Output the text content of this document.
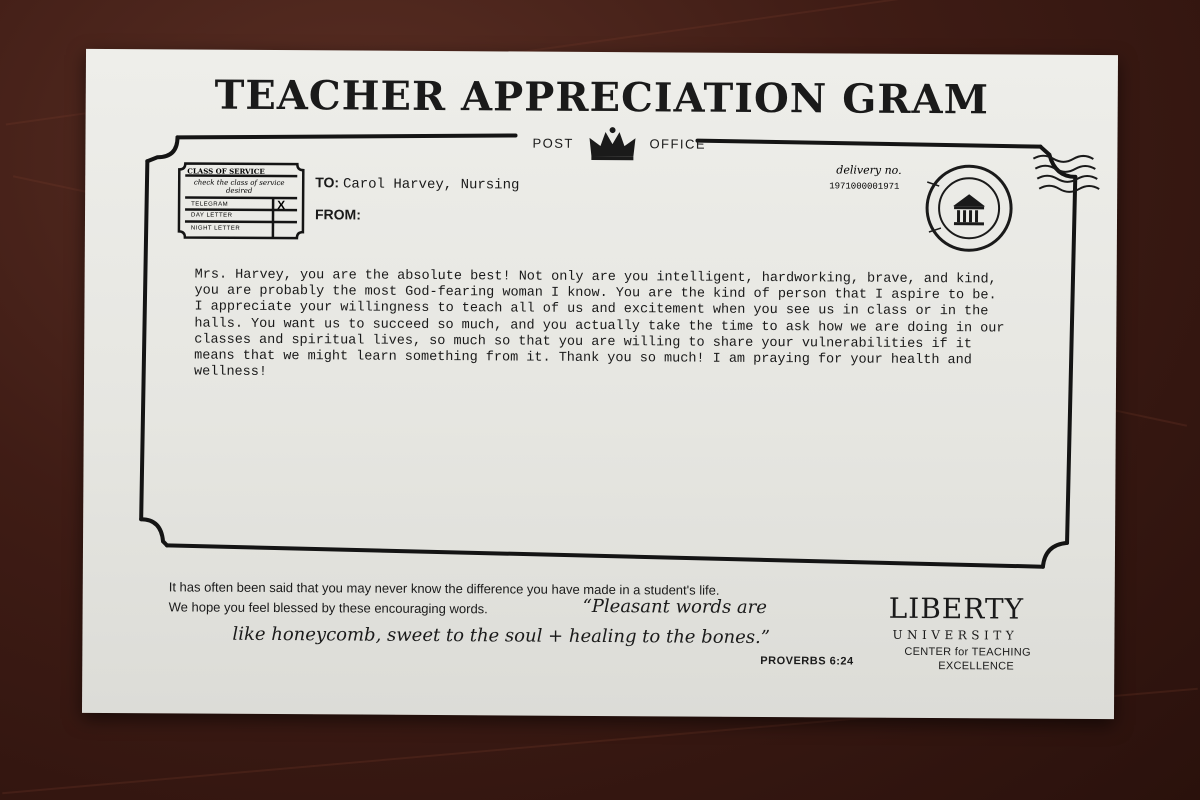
TEACHER APPRECIATION GRAM
POST	OFFICE
CLASS OF SERVICE
check the class of service desired
TELEGRAM
DAY LETTER
NIGHT LETTER
X
TO: Carol Harvey, Nursing
FROM:
delivery no.
1971000001971
Mrs. Harvey, you are the absolute best! Not only are you intelligent, hardworking, brave, and kind, you are probably the most God-fearing woman I know. You are the kind of person that I aspire to be. I appreciate your willingness to teach all of us and excitement when you see us in class or in the halls. You want us to succeed so much, and you actually take the time to ask how we are doing in our classes and spiritual lives, so much so that you are willing to share your vulnerabilities if it means that we might learn something from it. Thank you so much! I am praying for your health and wellness!
It has often been said that you may never know the difference you have made in a student's life.
We hope you feel blessed by these encouraging words.	“Pleasant words are
like honeycomb, sweet to the soul + healing to the bones.”
PROVERBS 6:24
LIBERTY
UNIVERSITY
CENTER for TEACHING
EXCELLENCE
